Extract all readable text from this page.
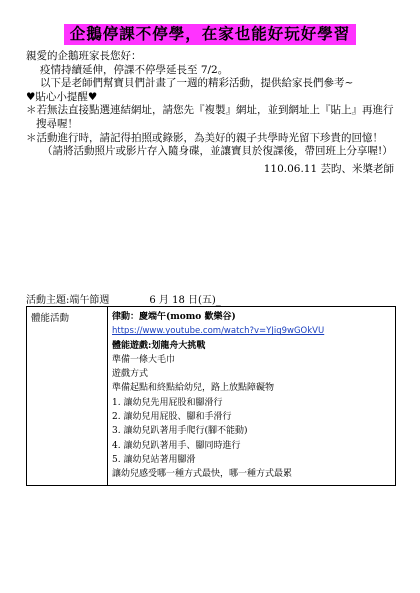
企鵝停課不停學，在家也能好玩好學習

親愛的企鵝班家長您好：

疫情持續延伸，停課不停學延長至 7/2。

以下是老師們幫寶貝們計畫了一週的精彩活動，提供給家長們參考~

♥貼心小提醒♥

＊若無法直接點選連結網址，請您先『複製』網址，並到網址上『貼上』再進行搜尋喔！

＊活動進行時，請記得拍照或錄影，為美好的親子共學時光留下珍貴的回憶！

（請將活動照片或影片存入隨身碟，並讓寶貝於復課後，帶回班上分享喔!）

110.06.11 芸昀、米槳老師

活動主題:端午節週	6 月 18 日(五)_
體能活動	律動：慶端午(momo 歡樂谷)
https://www.youtube.com/watch?v=YJiq9wGOkVU
體能遊戲:划龍舟大挑戰
準備一條大毛巾
遊戲方式
準備起點和終點給幼兒，路上放點障礙物
1. 讓幼兒先用屁股和腳滑行
2. 讓幼兒用屁股、腳和手滑行
3. 讓幼兒趴著用手爬行(腳不能動)
4. 讓幼兒趴著用手、腳同時進行
5. 讓幼兒站著用腳滑
讓幼兒感受哪一種方式最快，哪一種方式最累
